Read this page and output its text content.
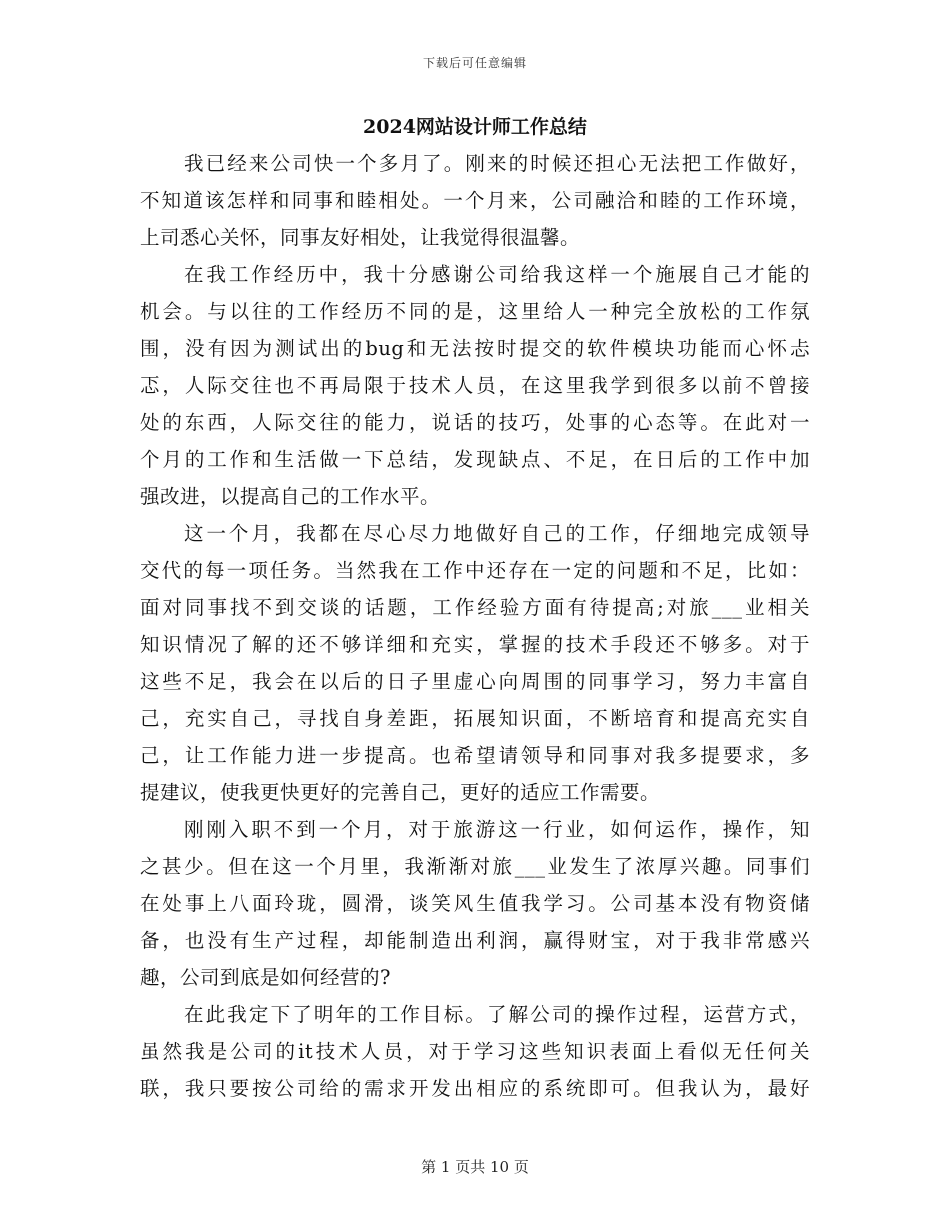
下载后可任意编辑
2024网站设计师工作总结
我已经来公司快一个多月了。刚来的时候还担心无法把工作做好，
不知道该怎样和同事和睦相处。一个月来，公司融洽和睦的工作环境，
上司悉心关怀，同事友好相处，让我觉得很温馨。
在我工作经历中，我十分感谢公司给我这样一个施展自己才能的
机会。与以往的工作经历不同的是，这里给人一种完全放松的工作氛
围，没有因为测试出的bug和无法按时提交的软件模块功能而心怀忐
忑，人际交往也不再局限于技术人员，在这里我学到很多以前不曾接
处的东西，人际交往的能力，说话的技巧，处事的心态等。在此对一
个月的工作和生活做一下总结，发现缺点、不足，在日后的工作中加
强改进，以提高自己的工作水平。
这一个月，我都在尽心尽力地做好自己的工作，仔细地完成领导
交代的每一项任务。当然我在工作中还存在一定的问题和不足，比如：
面对同事找不到交谈的话题，工作经验方面有待提高;对旅___业相关
知识情况了解的还不够详细和充实，掌握的技术手段还不够多。对于
这些不足，我会在以后的日子里虚心向周围的同事学习，努力丰富自
己，充实自己，寻找自身差距，拓展知识面，不断培育和提高充实自
己，让工作能力进一步提高。也希望请领导和同事对我多提要求，多
提建议，使我更快更好的完善自己，更好的适应工作需要。
刚刚入职不到一个月，对于旅游这一行业，如何运作，操作，知
之甚少。但在这一个月里，我渐渐对旅___业发生了浓厚兴趣。同事们
在处事上八面玲珑，圆滑，谈笑风生值我学习。公司基本没有物资储
备，也没有生产过程，却能制造出利润，赢得财宝，对于我非常感兴
趣，公司到底是如何经营的?
在此我定下了明年的工作目标。了解公司的操作过程，运营方式，
虽然我是公司的it技术人员，对于学习这些知识表面上看似无任何关
联，我只要按公司给的需求开发出相应的系统即可。但我认为，最好
第 1 页共 10 页
